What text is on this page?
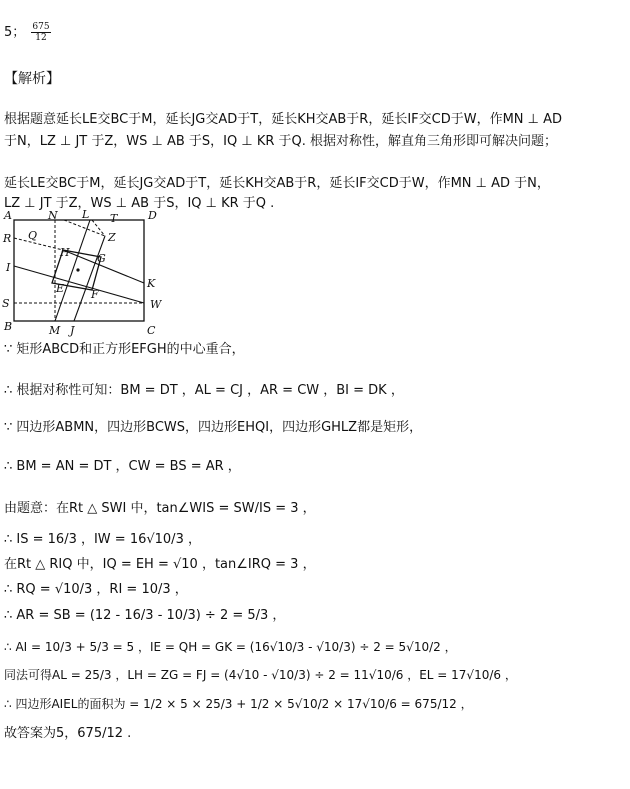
5； $\frac{675}{12}$
【解析】
根据题意延长LE交BC于M，延长JG交AD于T，延长KH交AB于R，延长IF交CD于W，作MN ⊥ AD
于N，LZ ⊥ JT 于Z，WS ⊥ AB 于S，IQ ⊥ KR 于Q. 根据对称性，解直角三角形即可解决问题；
延长LE交BC于M，延长JG交AD于T，延长KH交AB于R，延长IF交CD于W，作MN ⊥ AD 于N，
LZ ⊥ JT 于Z，WS ⊥ AB 于S，IQ ⊥ KR 于Q .
A	N L T	D
R Q	Z
H G
I
K
E F
S	W
B	M J	C
∵ 矩形ABCD和正方形EFGH的中心重合，
∴ 根据对称性可知：BM = DT ，AL = CJ ，AR = CW ，BI = DK ，
∵ 四边形ABMN，四边形BCWS，四边形EHQI，四边形GHLZ都是矩形，
∴ BM = AN = DT ，CW = BS = AR ，
由题意：在Rt △ SWI 中，tan∠WIS = SW/IS = 3 ，
∴ IS = 16/3 ，IW = 16√10/3 ，
在Rt △ RIQ 中，IQ = EH = √10 ，tan∠IRQ = 3 ，
∴ RQ = √10/3 ，RI = 10/3 ，
∴ AR = SB = (12 - 16/3 - 10/3) ÷ 2 = 5/3 ，
∴ AI = 10/3 + 5/3 = 5 ，IE = QH = GK = (16√10/3 - √10/3) ÷ 2 = 5√10/2 ，
同法可得AL = 25/3 ，LH = ZG = FJ = (4√10 - √10/3) ÷ 2 = 11√10/6 ，EL = 17√10/6 ，
∴ 四边形AIEL的面积为 = 1/2 × 5 × 25/3 + 1/2 × 5√10/2 × 17√10/6 = 675/12 ，
故答案为5，675/12 .
